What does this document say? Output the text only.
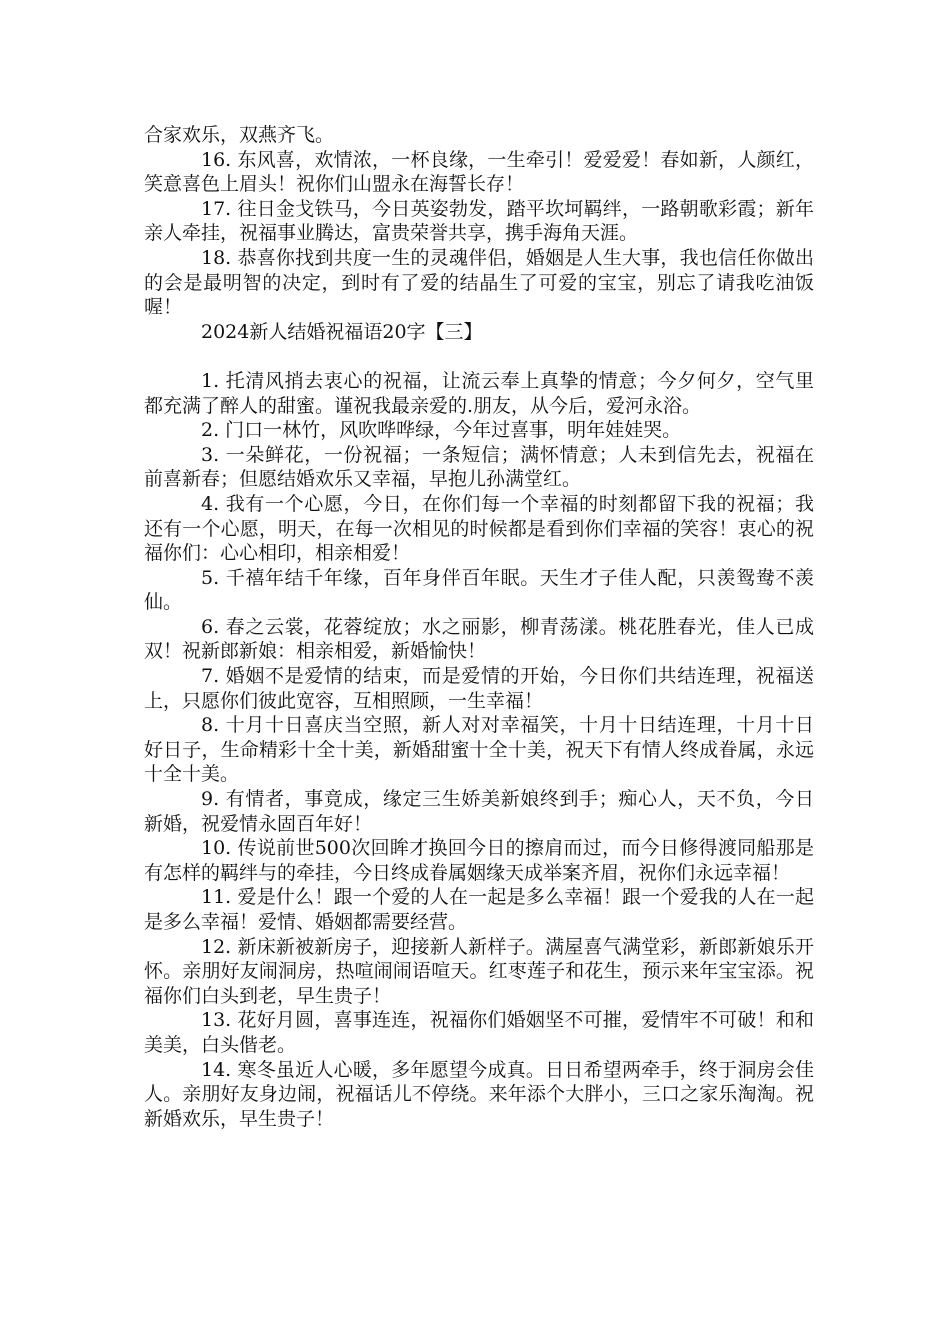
合家欢乐，双燕齐飞。

16. 东风喜，欢情浓，一杯良缘，一生牵引！爱爱爱！春如新，人颜红，笑意喜色上眉头！祝你们山盟永在海誓长存！

17. 往日金戈铁马，今日英姿勃发，踏平坎坷羁绊，一路朝歌彩霞；新年亲人牵挂，祝福事业腾达，富贵荣誉共享，携手海角天涯。

18. 恭喜你找到共度一生的灵魂伴侣，婚姻是人生大事，我也信任你做出的会是最明智的决定，到时有了爱的结晶生了可爱的宝宝，别忘了请我吃油饭喔！

2024新人结婚祝福语20字【三】

1. 托清风捎去衷心的祝福，让流云奉上真挚的情意；今夕何夕，空气里都充满了醉人的甜蜜。谨祝我最亲爱的.朋友，从今后，爱河永浴。

2. 门口一林竹，风吹哗哗绿，今年过喜事，明年娃娃哭。

3. 一朵鲜花，一份祝福；一条短信；满怀情意；人未到信先去，祝福在前喜新春；但愿结婚欢乐又幸福，早抱儿孙满堂红。

4. 我有一个心愿，今日，在你们每一个幸福的时刻都留下我的祝福；我还有一个心愿，明天，在每一次相见的时候都是看到你们幸福的笑容！衷心的祝福你们：心心相印，相亲相爱！

5. 千禧年结千年缘，百年身伴百年眠。天生才子佳人配，只羡鸳鸯不羡仙。

6. 春之云裳，花蓉绽放；水之丽影，柳青荡漾。桃花胜春光，佳人已成双！祝新郎新娘：相亲相爱，新婚愉快！

7. 婚姻不是爱情的结束，而是爱情的开始，今日你们共结连理，祝福送上，只愿你们彼此宽容，互相照顾，一生幸福！

8. 十月十日喜庆当空照，新人对对幸福笑，十月十日结连理，十月十日好日子，生命精彩十全十美，新婚甜蜜十全十美，祝天下有情人终成眷属，永远十全十美。

9. 有情者，事竟成，缘定三生娇美新娘终到手；痴心人，天不负，今日新婚，祝爱情永固百年好！

10. 传说前世500次回眸才换回今日的擦肩而过，而今日修得渡同船那是有怎样的羁绊与的牵挂，今日终成眷属姻缘天成举案齐眉，祝你们永远幸福！

11. 爱是什么！跟一个爱的人在一起是多么幸福！跟一个爱我的人在一起是多么幸福！爱情、婚姻都需要经营。

12. 新床新被新房子，迎接新人新样子。满屋喜气满堂彩，新郎新娘乐开怀。亲朋好友闹洞房，热喧闹闹语喧天。红枣莲子和花生，预示来年宝宝添。祝福你们白头到老，早生贵子！

13. 花好月圆，喜事连连，祝福你们婚姻坚不可摧，爱情牢不可破！和和美美，白头偕老。

14. 寒冬虽近人心暖，多年愿望今成真。日日希望两牵手，终于洞房会佳人。亲朋好友身边闹，祝福话儿不停绕。来年添个大胖小，三口之家乐淘淘。祝新婚欢乐，早生贵子！
